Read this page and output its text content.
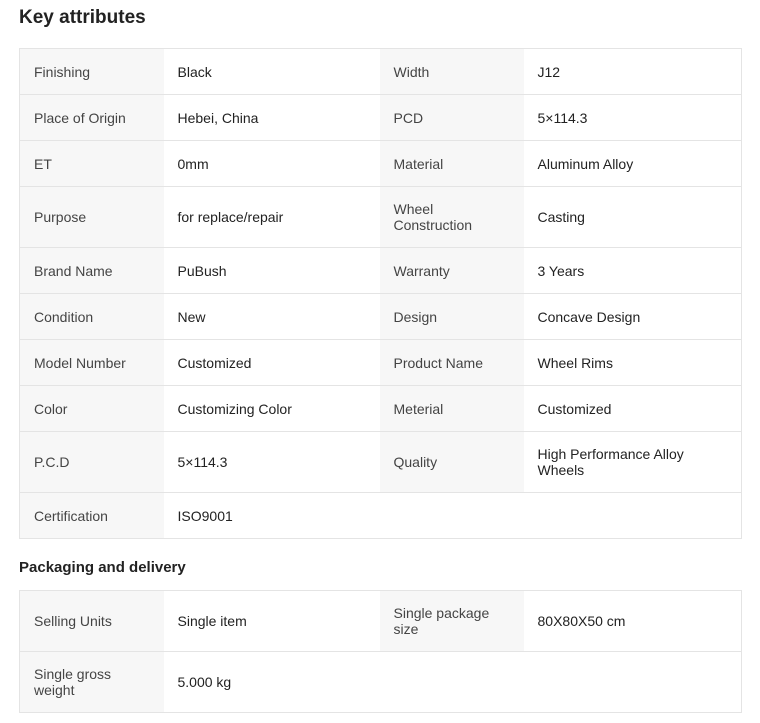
Key attributes
Finishing	Black	Width	J12
Place of Origin	Hebei, China	PCD	5×114.3
ET	0mm	Material	Aluminum Alloy
Purpose	for replace/repair	Wheel Construction	Casting
Brand Name	PuBush	Warranty	3 Years
Condition	New	Design	Concave Design
Model Number	Customized	Product Name	Wheel Rims
Color	Customizing Color	Meterial	Customized
P.C.D	5×114.3	Quality	High Performance Alloy Wheels
Certification	ISO9001		
Packaging and delivery
Selling Units	Single item	Single package size	80X80X50 cm
Single gross weight	5.000 kg		
